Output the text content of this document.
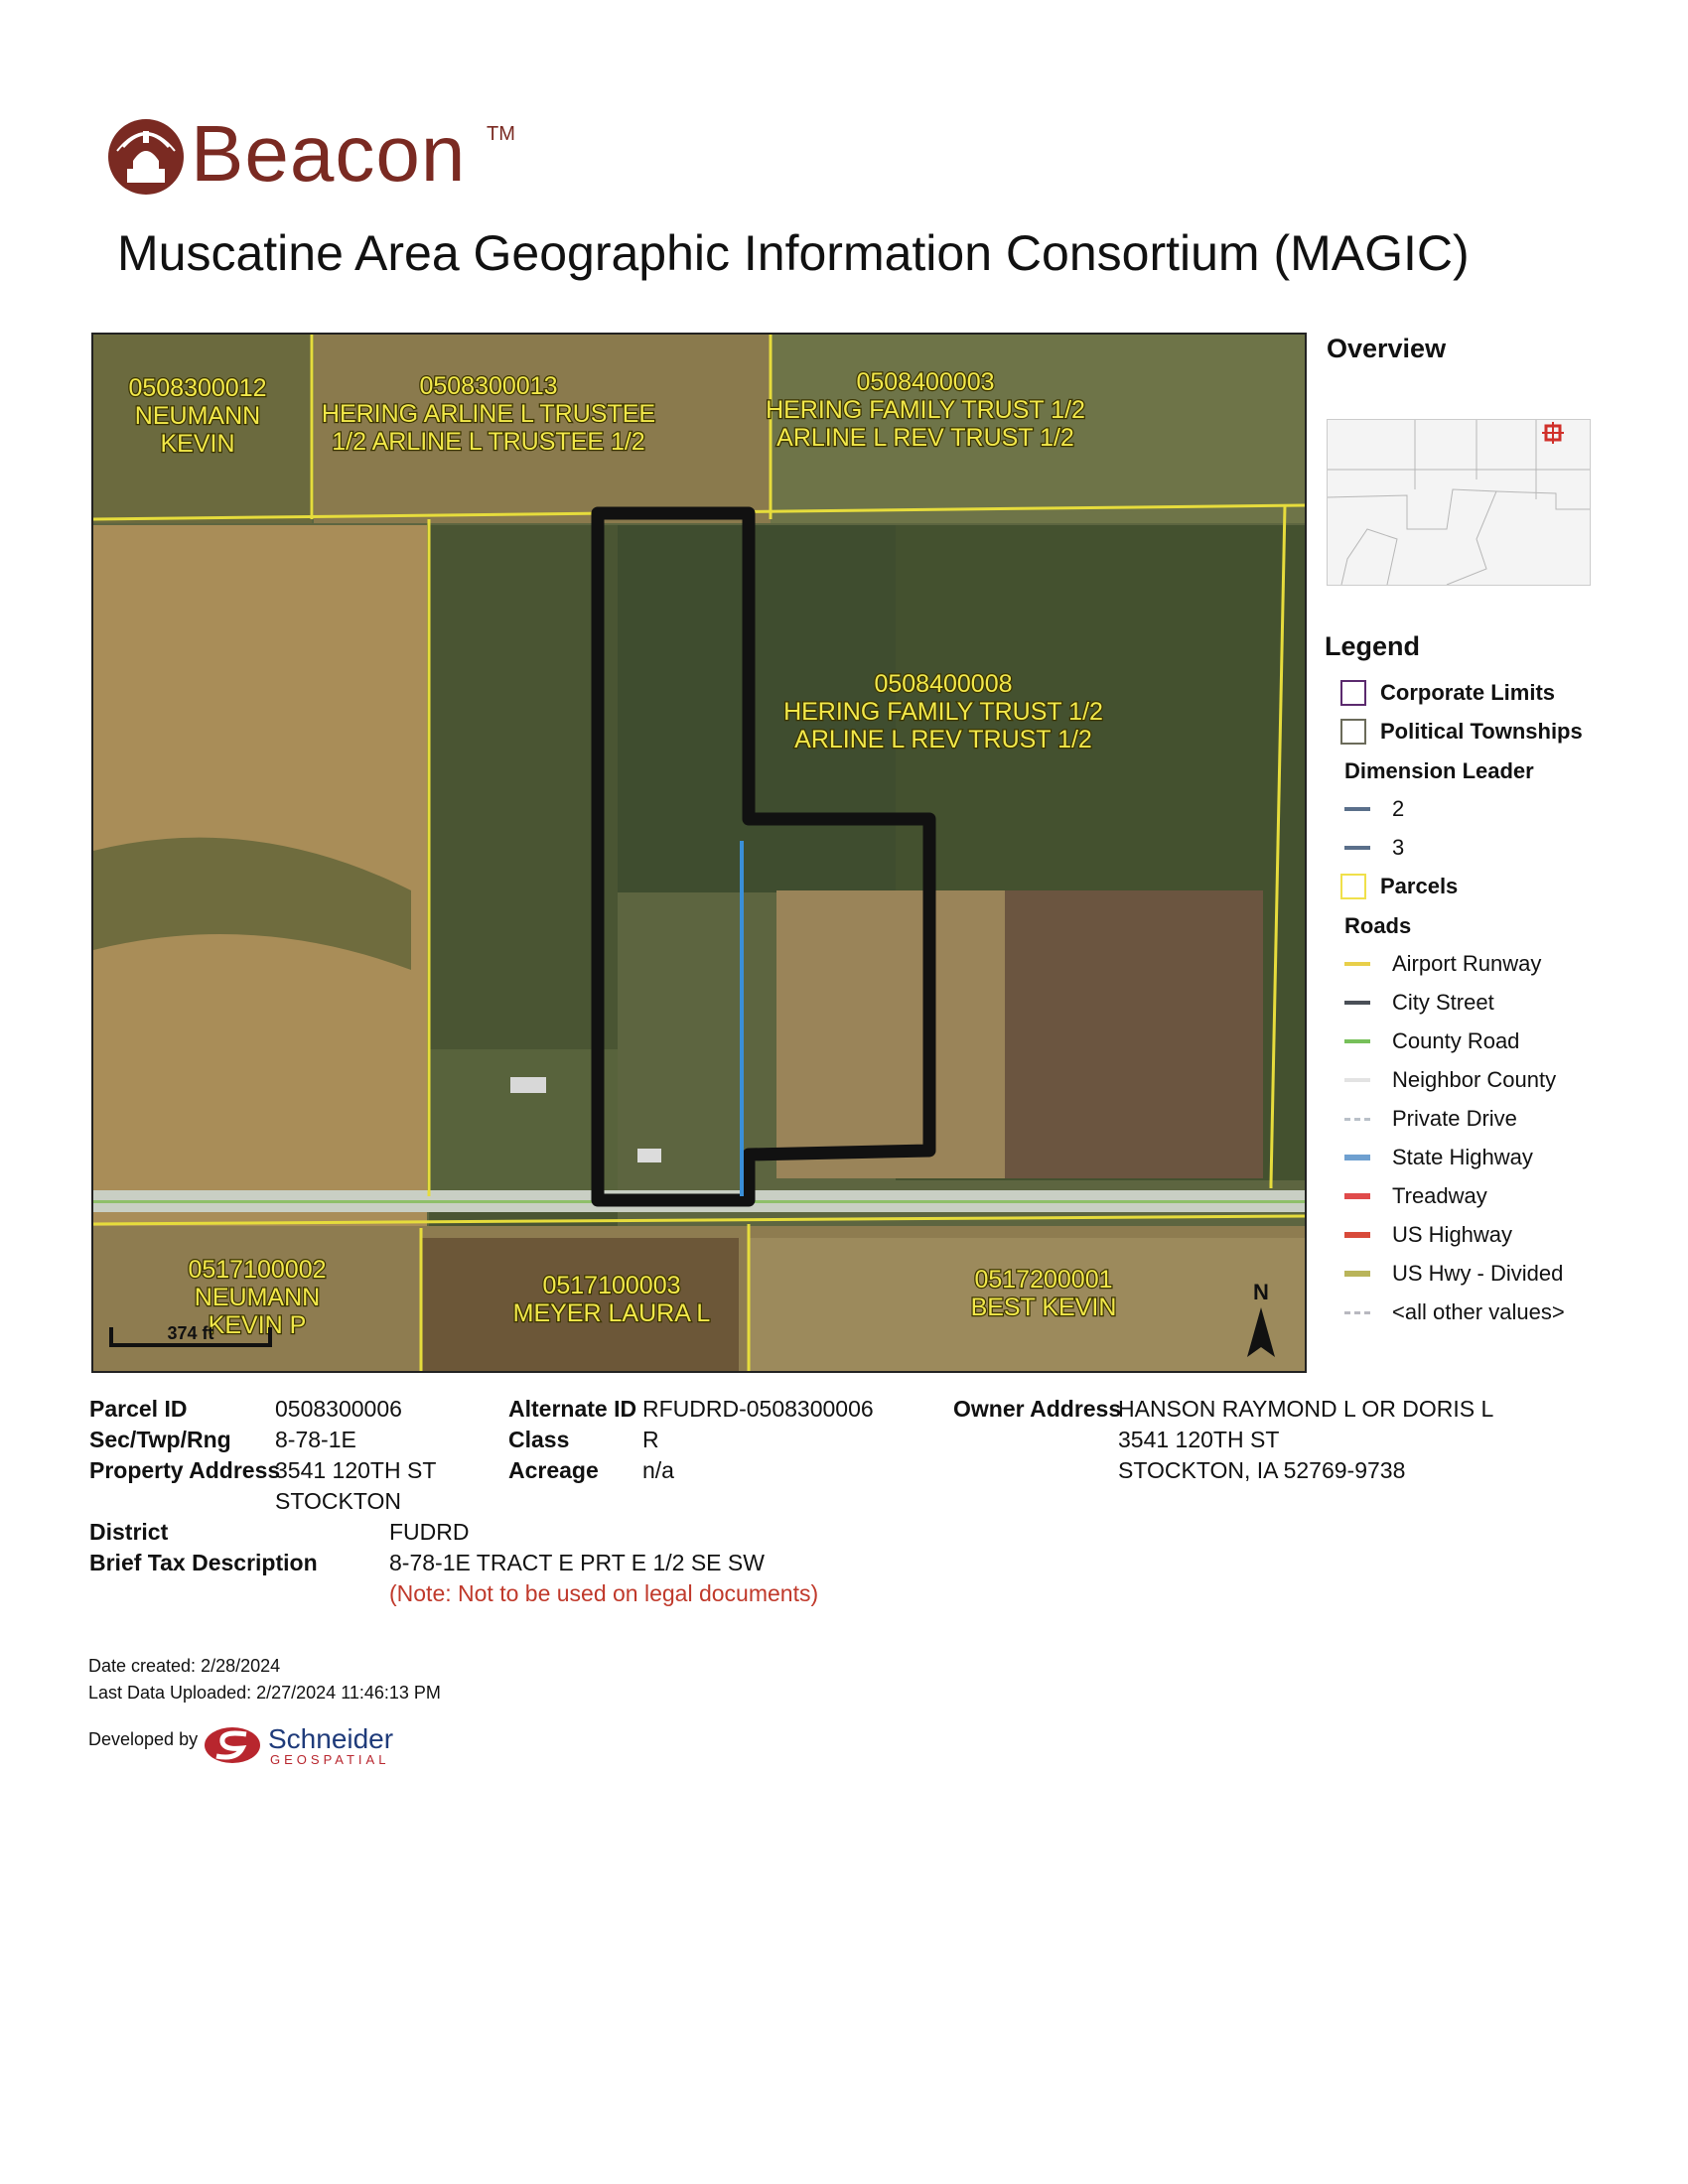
Beacon TM
Muscatine Area Geographic Information Consortium (MAGIC)
0508300012 NEUMANN KEVIN
0508300013 HERING ARLINE L TRUSTEE 1/2 ARLINE L TRUSTEE 1/2
0508400003 HERING FAMILY TRUST 1/2 ARLINE L REV TRUST 1/2
0508400008 HERING FAMILY TRUST 1/2 ARLINE L REV TRUST 1/2
0517100002 NEUMANN KEVIN P
0517100003 MEYER LAURA L
0517200001 BEST KEVIN
374 ft
N
Overview
Legend
Corporate Limits
Political Townships
Dimension Leader
2
3
Parcels
Roads
Airport Runway
City Street
County Road
Neighbor County
Private Drive
State Highway
Treadway
US Highway
US Hwy - Divided
<all other values>
Parcel ID	0508300006
Sec/Twp/Rng 8-78-1E
Property Address
3541 120TH ST
STOCKTON
Alternate ID RFUDRD-0508300006
Class	R
Acreage n/a
Owner Address
HANSON RAYMOND L OR DORIS L
3541 120TH ST
STOCKTON, IA 52769-9738
District	FUDRD
Brief Tax Description	8-78-1E TRACT E PRT E 1/2 SE SW
(Note: Not to be used on legal documents)
Date created: 2/28/2024
Last Data Uploaded: 2/27/2024 11:46:13 PM
Developed by	Schneider
GEOSPATIAL
